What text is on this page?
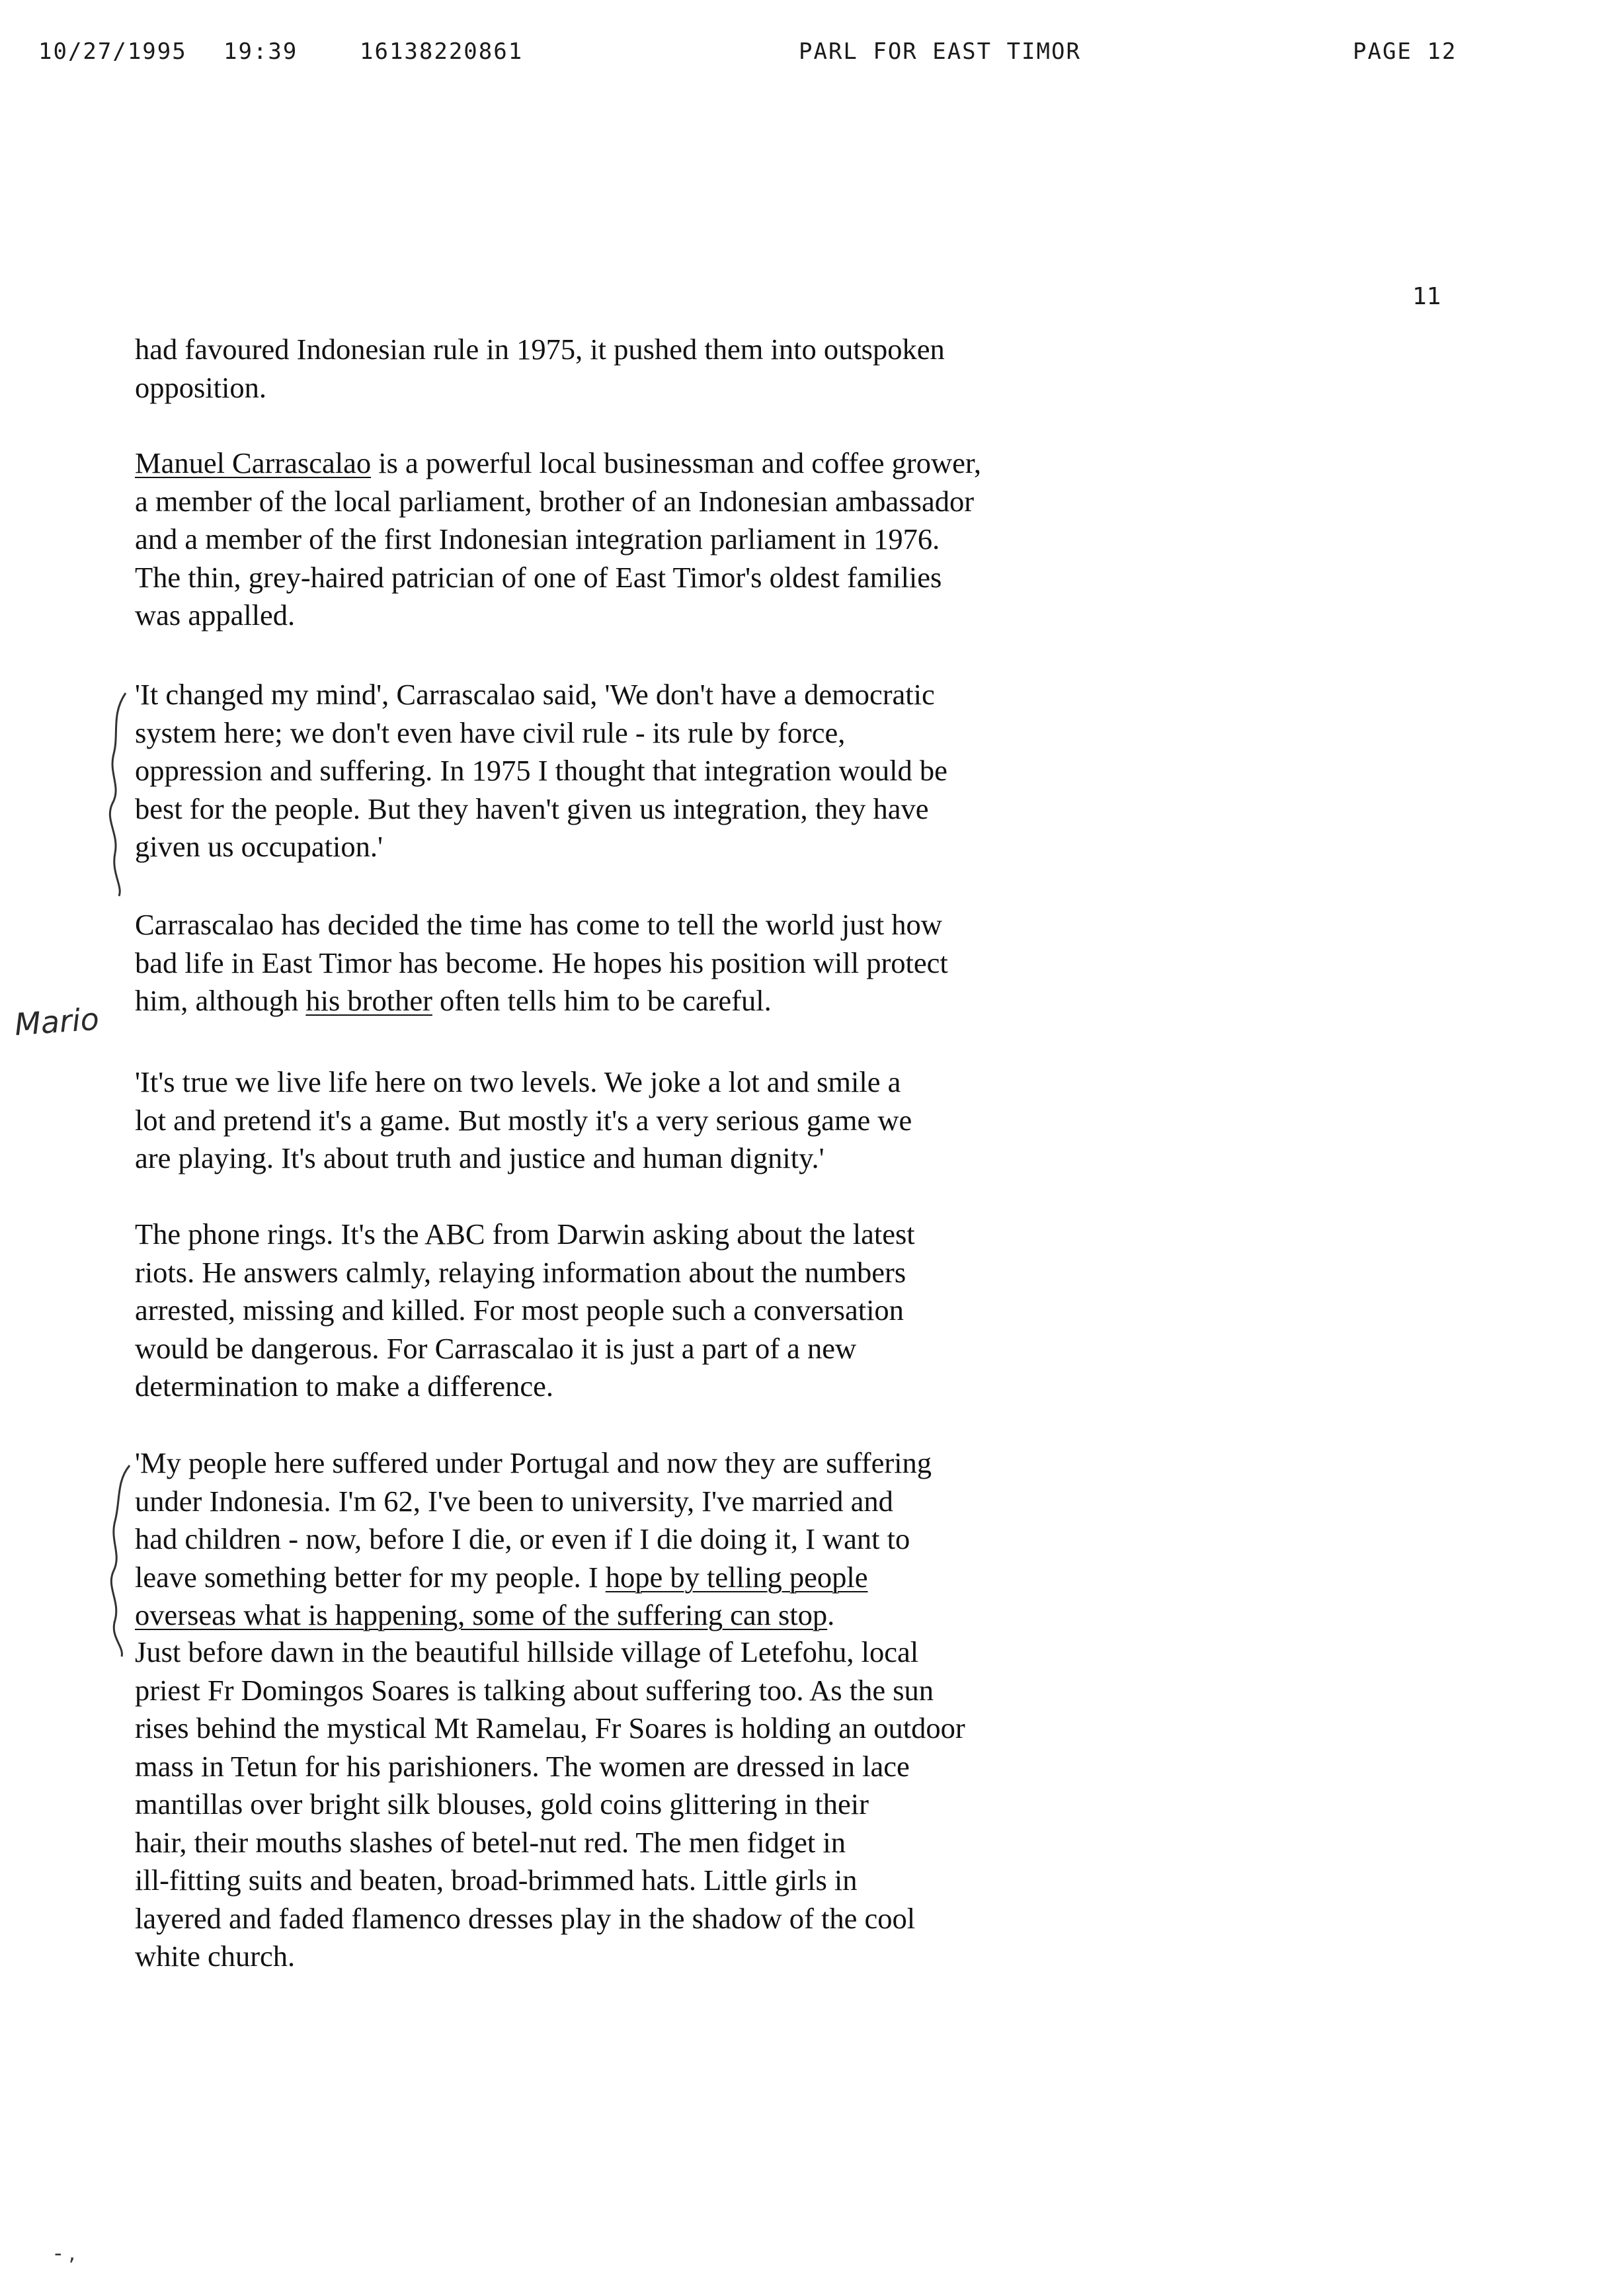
10/27/1995 19:39	16138220861	PARL FOR EAST TIMOR	PAGE 12
11

had favoured Indonesian rule in 1975, it pushed them into outspoken

opposition.

Manuel Carrascalao is a powerful local businessman and coffee grower,

a member of the local parliament, brother of an Indonesian ambassador

and a member of the first Indonesian integration parliament in 1976.

The thin, grey-haired patrician of one of East Timor's oldest families

was appalled.

'It changed my mind', Carrascalao said, 'We don't have a democratic

system here; we don't even have civil rule - its rule by force,

oppression and suffering. In 1975 I thought that integration would be

best for the people. But they haven't given us integration, they have

given us occupation.'

Carrascalao has decided the time has come to tell the world just how

bad life in East Timor has become. He hopes his position will protect

him, although his brother often tells him to be careful.

'It's true we live life here on two levels. We joke a lot and smile a

lot and pretend it's a game. But mostly it's a very serious game we

are playing. It's about truth and justice and human dignity.'

The phone rings. It's the ABC from Darwin asking about the latest

riots. He answers calmly, relaying information about the numbers

arrested, missing and killed. For most people such a conversation

would be dangerous. For Carrascalao it is just a part of a new

determination to make a difference.

'My people here suffered under Portugal and now they are suffering

under Indonesia. I'm 62, I've been to university, I've married and

had children - now, before I die, or even if I die doing it, I want to

leave something better for my people. I hope by telling people

overseas what is happening, some of the suffering can stop.

Just before dawn in the beautiful hillside village of Letefohu, local

priest Fr Domingos Soares is talking about suffering too. As the sun

rises behind the mystical Mt Ramelau, Fr Soares is holding an outdoor

mass in Tetun for his parishioners. The women are dressed in lace

mantillas over bright silk blouses, gold coins glittering in their

hair, their mouths slashes of betel-nut red. The men fidget in

ill-fitting suits and beaten, broad-brimmed hats. Little girls in

layered and faded flamenco dresses play in the shadow of the cool

white church.

Mario
- ,
